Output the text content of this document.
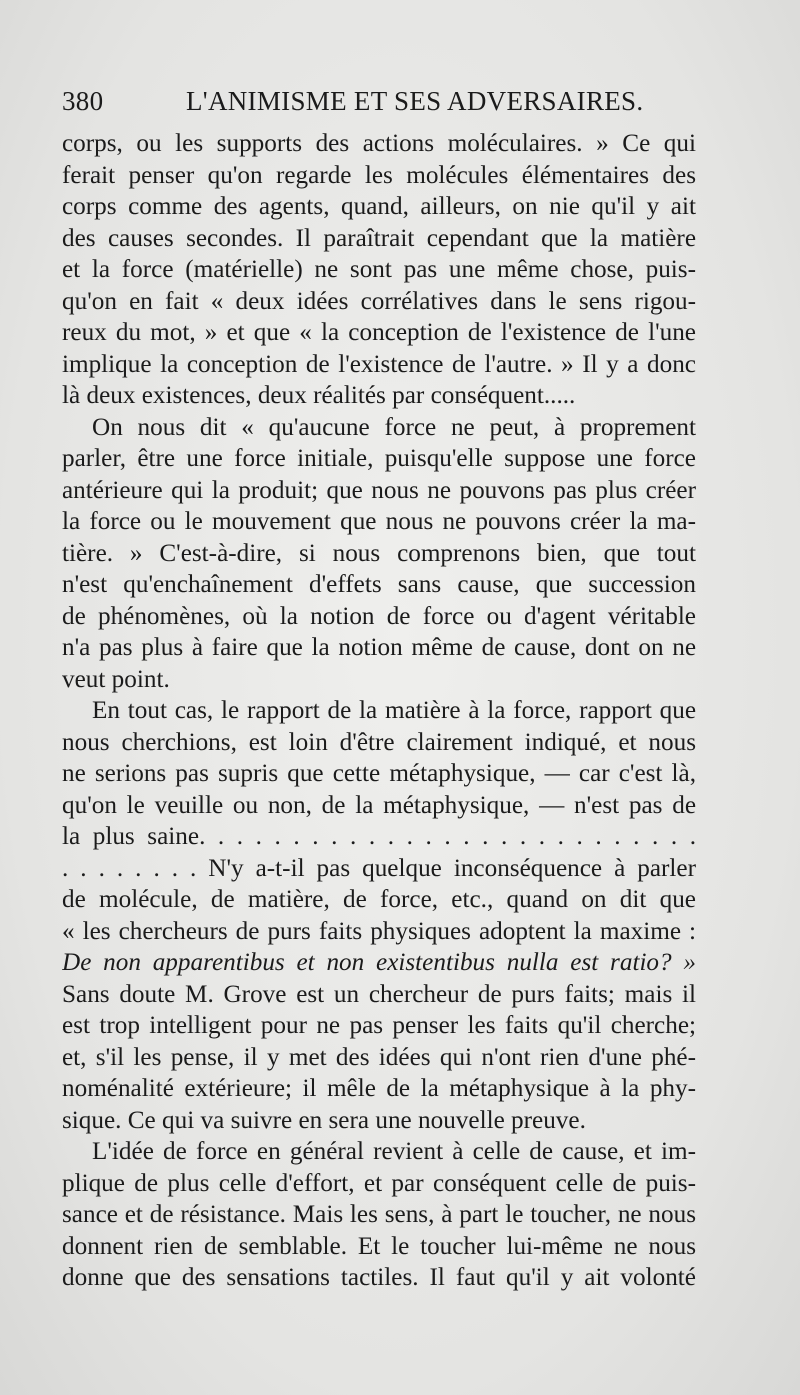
380	L'ANIMISME ET SES ADVERSAIRES.
corps, ou les supports des actions moléculaires. » Ce qui
ferait penser qu'on regarde les molécules élémentaires des
corps comme des agents, quand, ailleurs, on nie qu'il y ait
des causes secondes. Il paraîtrait cependant que la matière
et la force (matérielle) ne sont pas une même chose, puis-
qu'on en fait « deux idées corrélatives dans le sens rigou-
reux du mot, » et que « la conception de l'existence de l'une
implique la conception de l'existence de l'autre. » Il y a donc
là deux existences, deux réalités par conséquent.....
On nous dit « qu'aucune force ne peut, à proprement
parler, être une force initiale, puisqu'elle suppose une force
antérieure qui la produit; que nous ne pouvons pas plus créer
la force ou le mouvement que nous ne pouvons créer la ma-
tière. » C'est-à-dire, si nous comprenons bien, que tout
n'est qu'enchaînement d'effets sans cause, que succession
de phénomènes, où la notion de force ou d'agent véritable
n'a pas plus à faire que la notion même de cause, dont on ne
veut point.
En tout cas, le rapport de la matière à la force, rapport que
nous cherchions, est loin d'être clairement indiqué, et nous
ne serions pas supris que cette métaphysique, — car c'est là,
qu'on le veuille ou non, de la métaphysique, — n'est pas de
la plus saine. . . . . . . . . . . . . . . . . . . . . . . . . . .
. . . . . . . . N'y a-t-il pas quelque inconséquence à parler
de molécule, de matière, de force, etc., quand on dit que
« les chercheurs de purs faits physiques adoptent la maxime :
De non apparentibus et non existentibus nulla est ratio? »
Sans doute M. Grove est un chercheur de purs faits; mais il
est trop intelligent pour ne pas penser les faits qu'il cherche;
et, s'il les pense, il y met des idées qui n'ont rien d'une phé-
noménalité extérieure; il mêle de la métaphysique à la phy-
sique. Ce qui va suivre en sera une nouvelle preuve.
L'idée de force en général revient à celle de cause, et im-
plique de plus celle d'effort, et par conséquent celle de puis-
sance et de résistance. Mais les sens, à part le toucher, ne nous
donnent rien de semblable. Et le toucher lui-même ne nous
donne que des sensations tactiles. Il faut qu'il y ait volonté
